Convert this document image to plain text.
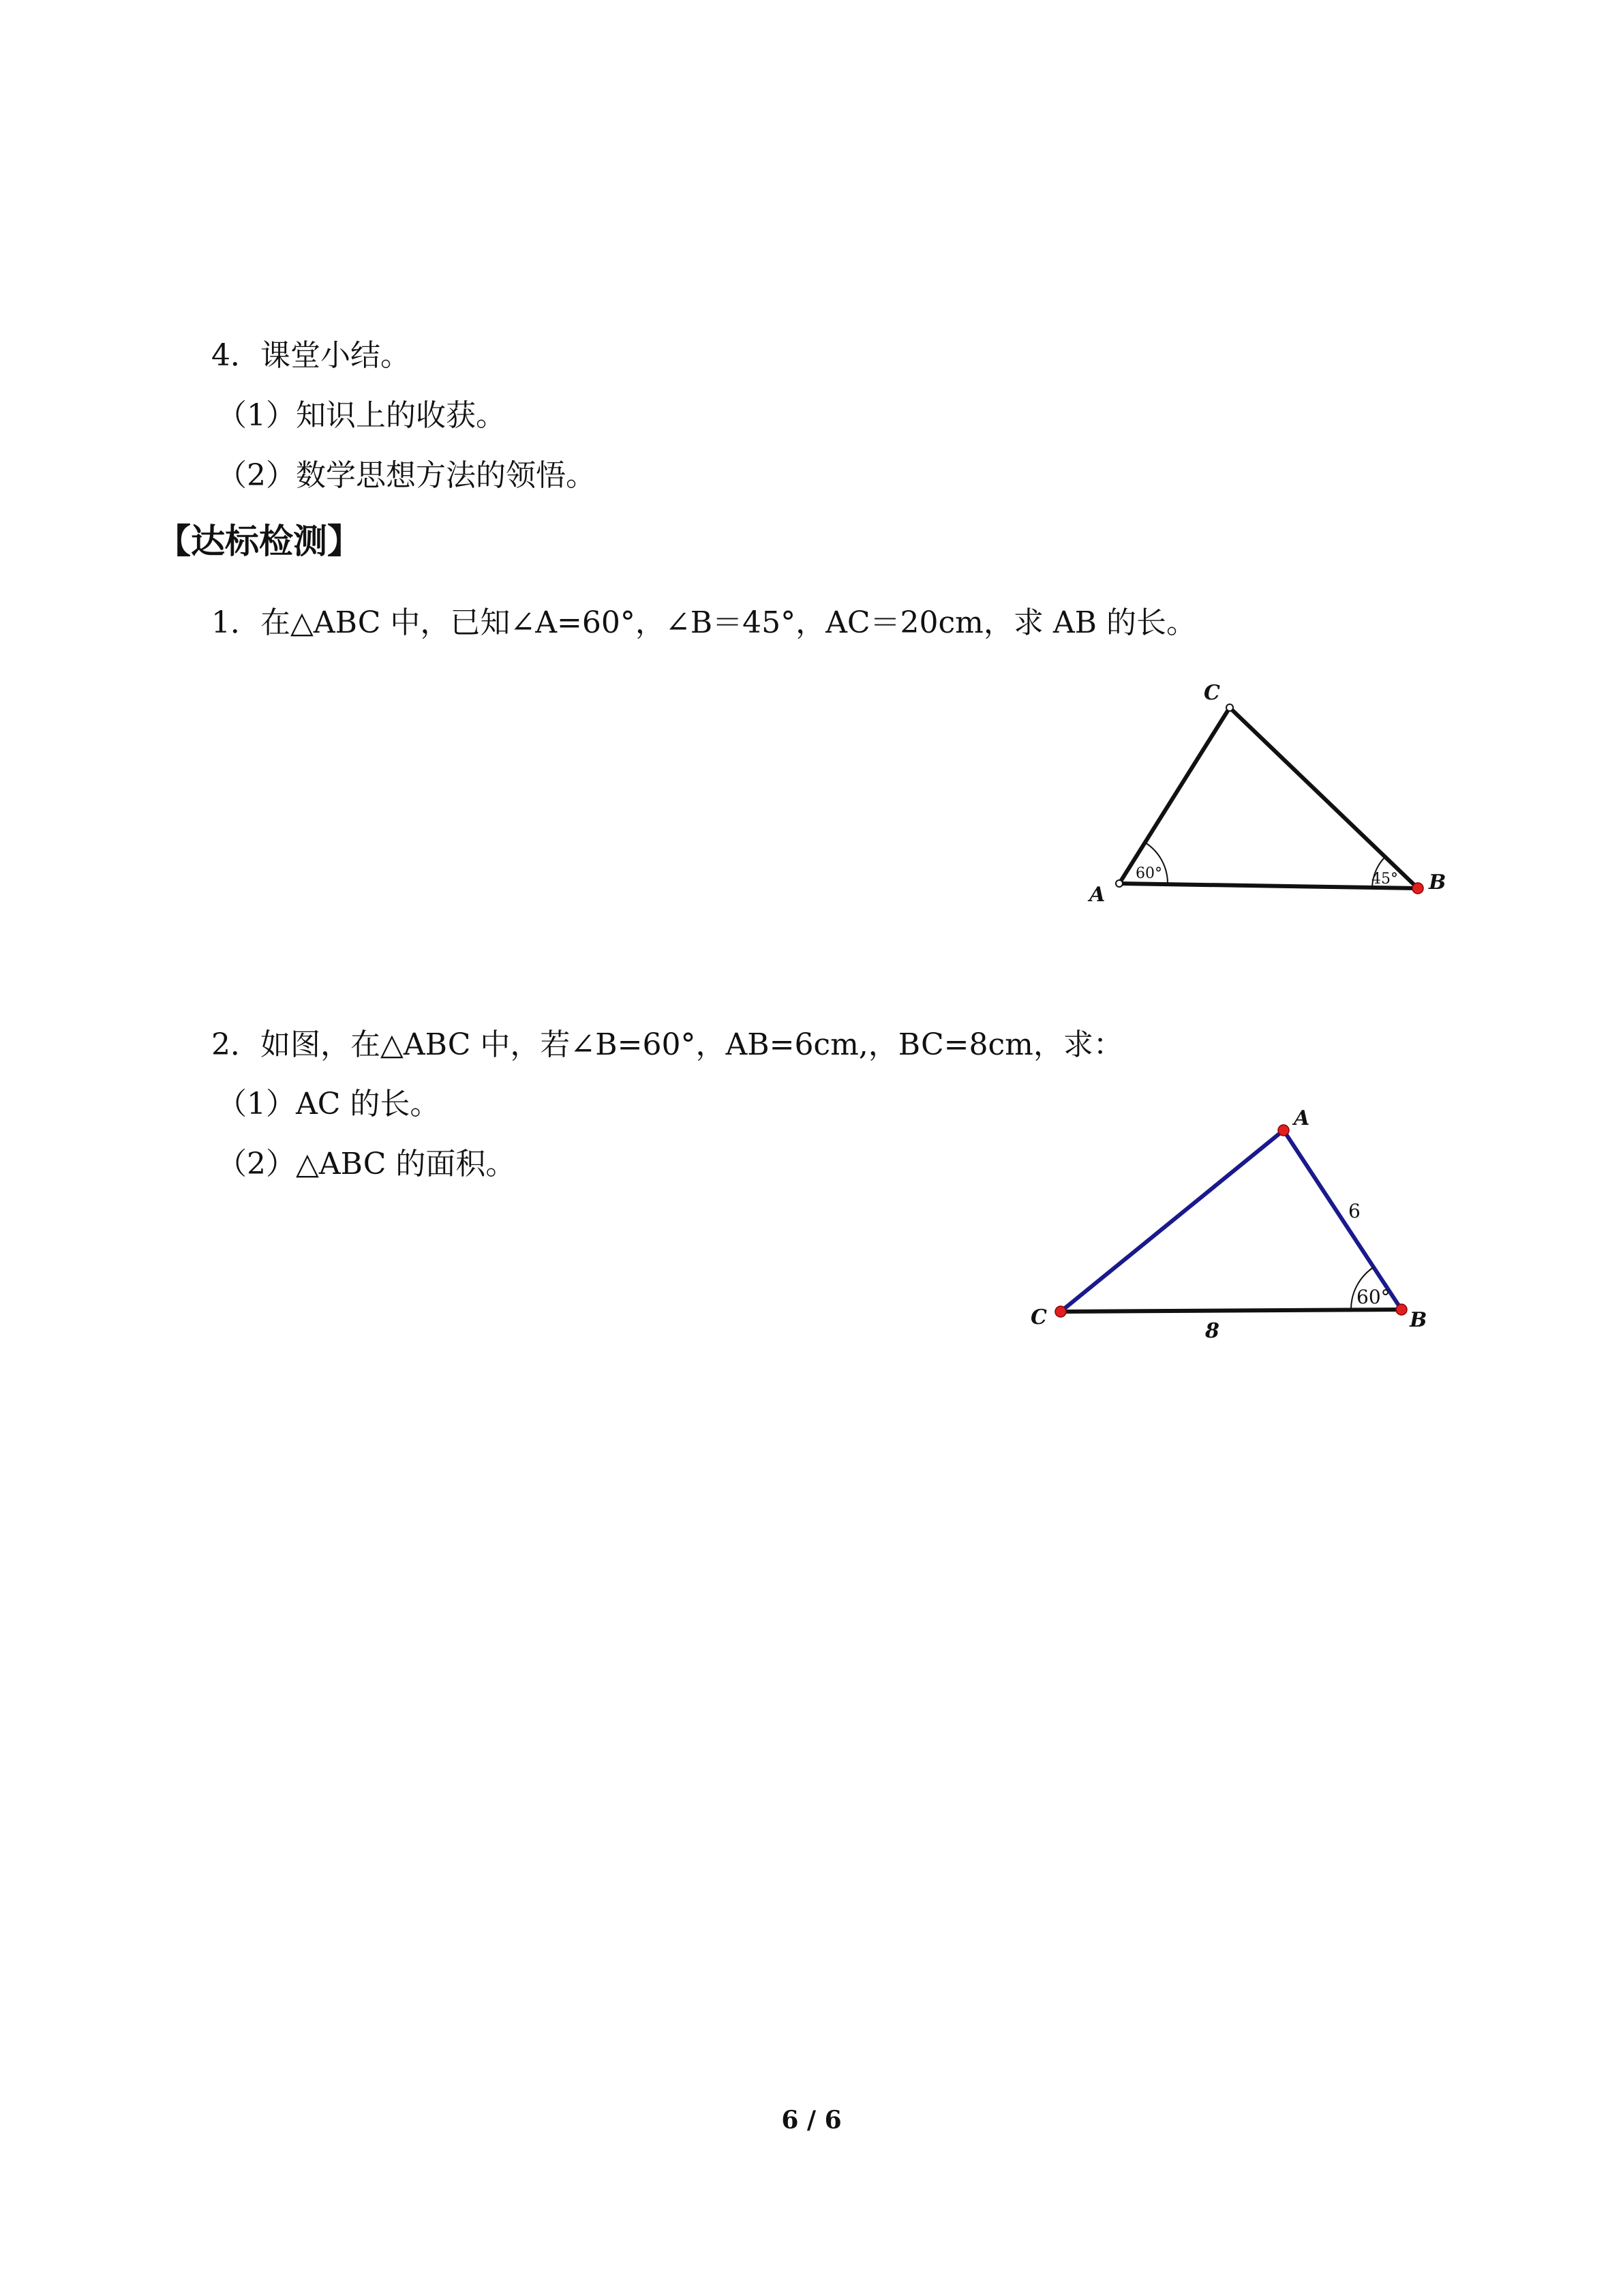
4．课堂小结。
（1）知识上的收获。
（2）数学思想方法的领悟。
【达标检测】
1．在△ABC 中，已知∠A=60°，∠B＝45°，AC＝20cm，求 AB 的长。
C
A
B
60°	45°
2．如图，在△ABC 中，若∠B=60°，AB=6cm,，BC=8cm，求：
（1）AC 的长。
（2）△ABC 的面积。
A
B
C
60°
6
8
6 / 6
